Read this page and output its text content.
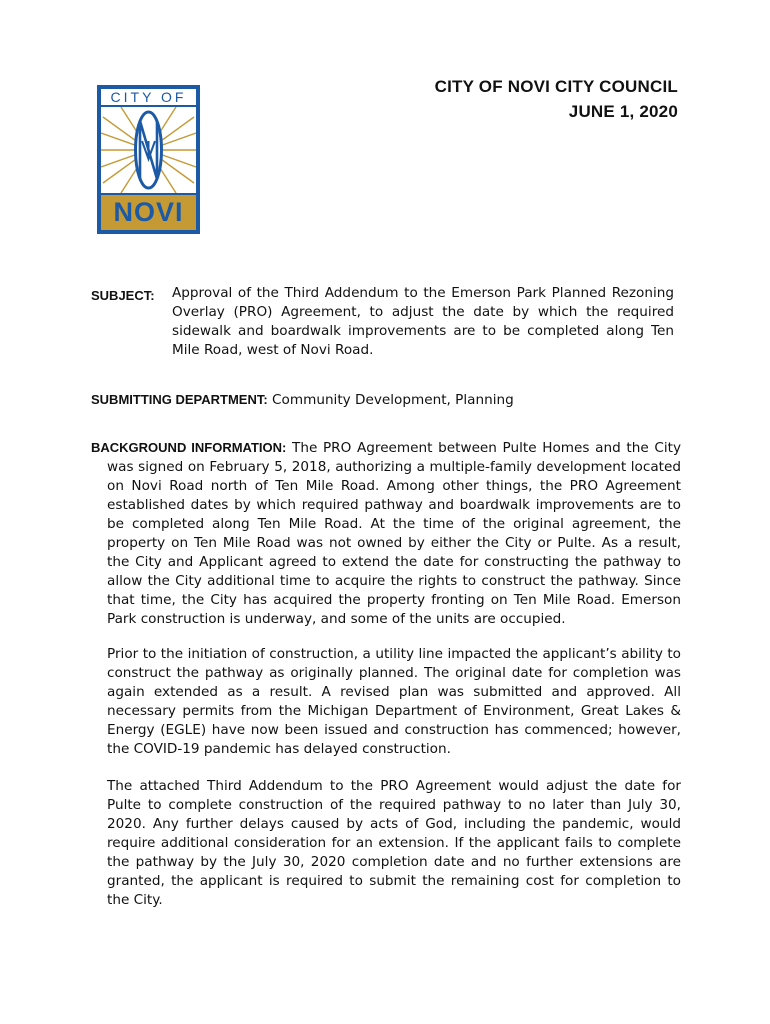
CITY OF
NOVI
CITY OF NOVI CITY COUNCIL
JUNE 1, 2020
SUBJECT: Approval of the Third Addendum to the Emerson Park Planned Rezoning Overlay (PRO) Agreement, to adjust the date by which the required sidewalk and boardwalk improvements are to be completed along Ten Mile Road, west of Novi Road.
SUBMITTING DEPARTMENT: Community Development, Planning

BACKGROUND INFORMATION: The PRO Agreement between Pulte Homes and the City was signed on February 5, 2018, authorizing a multiple-family development located on Novi Road north of Ten Mile Road. Among other things, the PRO Agreement established dates by which required pathway and boardwalk improvements are to be completed along Ten Mile Road. At the time of the original agreement, the property on Ten Mile Road was not owned by either the City or Pulte. As a result, the City and Applicant agreed to extend the date for constructing the pathway to allow the City additional time to acquire the rights to construct the pathway. Since that time, the City has acquired the property fronting on Ten Mile Road. Emerson Park construction is underway, and some of the units are occupied.

Prior to the initiation of construction, a utility line impacted the applicant’s ability to construct the pathway as originally planned. The original date for completion was again extended as a result. A revised plan was submitted and approved. All necessary permits from the Michigan Department of Environment, Great Lakes & Energy (EGLE) have now been issued and construction has commenced; however, the COVID-19 pandemic has delayed construction.

The attached Third Addendum to the PRO Agreement would adjust the date for Pulte to complete construction of the required pathway to no later than July 30, 2020. Any further delays caused by acts of God, including the pandemic, would require additional consideration for an extension. If the applicant fails to complete the pathway by the July 30, 2020 completion date and no further extensions are granted, the applicant is required to submit the remaining cost for completion to the City.
